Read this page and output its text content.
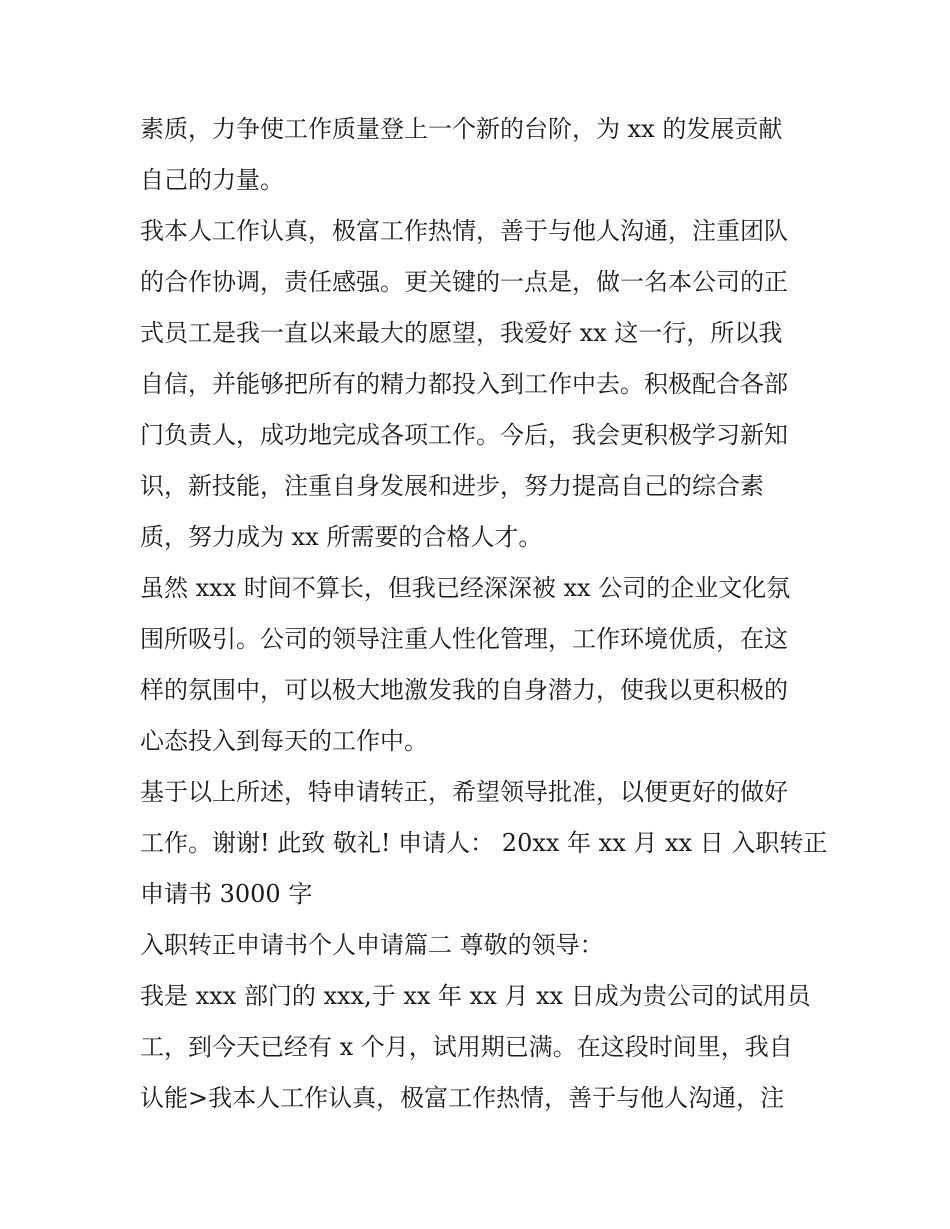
素质，力争使工作质量登上一个新的台阶，为 xx 的发展贡献
自己的力量。
我本人工作认真，极富工作热情，善于与他人沟通，注重团队
的合作协调，责任感强。更关键的一点是，做一名本公司的正
式员工是我一直以来最大的愿望，我爱好 xx 这一行，所以我
自信，并能够把所有的精力都投入到工作中去。积极配合各部
门负责人，成功地完成各项工作。今后，我会更积极学习新知
识，新技能，注重自身发展和进步，努力提高自己的综合素
质，努力成为 xx 所需要的合格人才。
虽然 xxx 时间不算长，但我已经深深被 xx 公司的企业文化氛
围所吸引。公司的领导注重人性化管理，工作环境优质，在这
样的氛围中，可以极大地激发我的自身潜力，使我以更积极的
心态投入到每天的工作中。
基于以上所述，特申请转正，希望领导批准，以便更好的做好
工作。谢谢! 此致 敬礼! 申请人： 20xx 年 xx 月 xx 日 入职转正
申请书 3000 字
入职转正申请书个人申请篇二 尊敬的领导：
我是 xxx 部门的 xxx,于 xx 年 xx 月 xx 日成为贵公司的试用员
工，到今天已经有 x 个月，试用期已满。在这段时间里，我自
认能>我本人工作认真，极富工作热情，善于与他人沟通，注
